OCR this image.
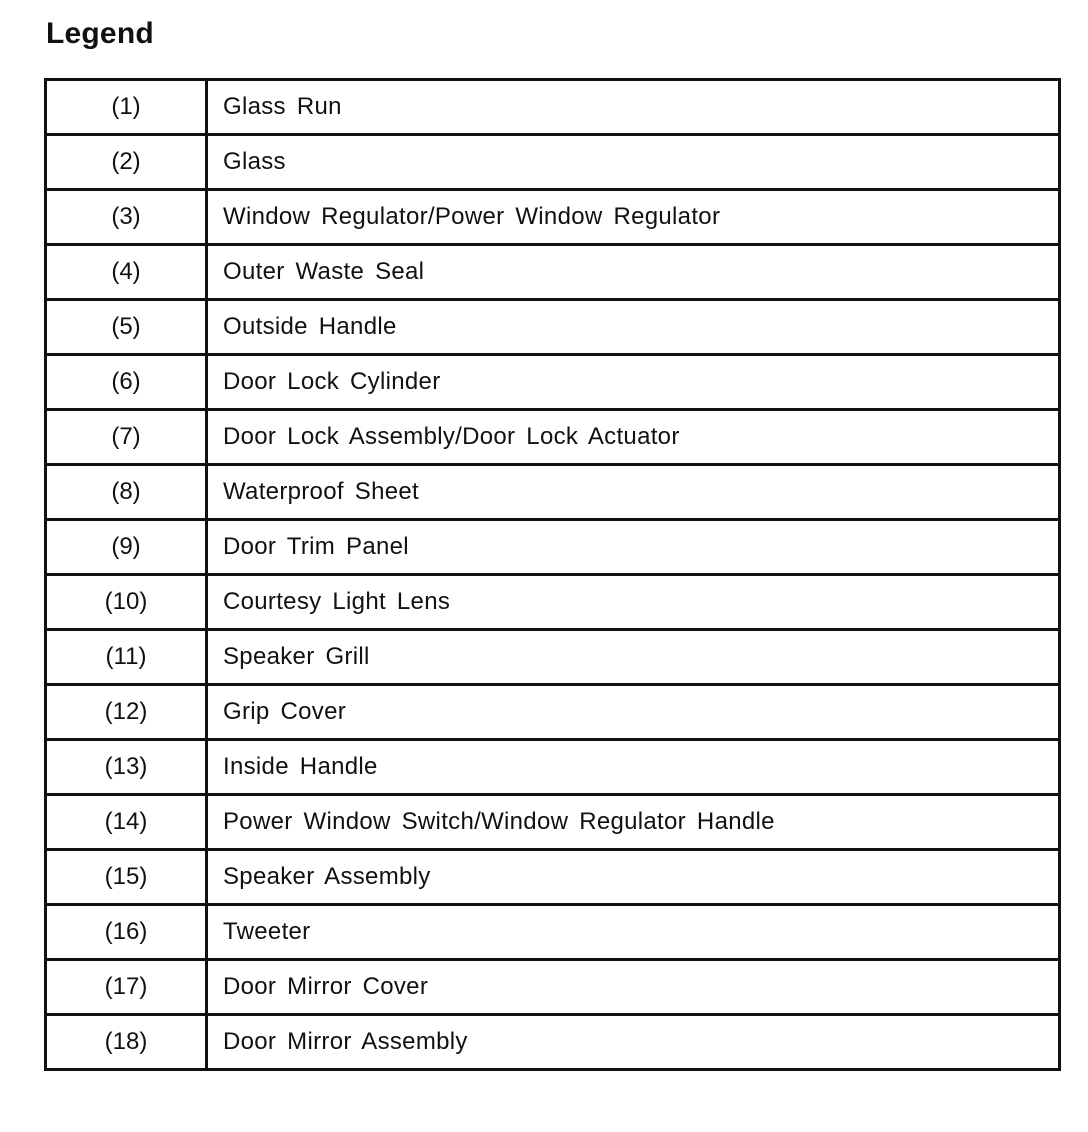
Legend
(1)	Glass Run
(2)	Glass
(3)	Window Regulator/Power Window Regulator
(4)	Outer Waste Seal
(5)	Outside Handle
(6)	Door Lock Cylinder
(7)	Door Lock Assembly/Door Lock Actuator
(8)	Waterproof Sheet
(9)	Door Trim Panel
(10)	Courtesy Light Lens
(11)	Speaker Grill
(12)	Grip Cover
(13)	Inside Handle
(14)	Power Window Switch/Window Regulator Handle
(15)	Speaker Assembly
(16)	Tweeter
(17)	Door Mirror Cover
(18)	Door Mirror Assembly
